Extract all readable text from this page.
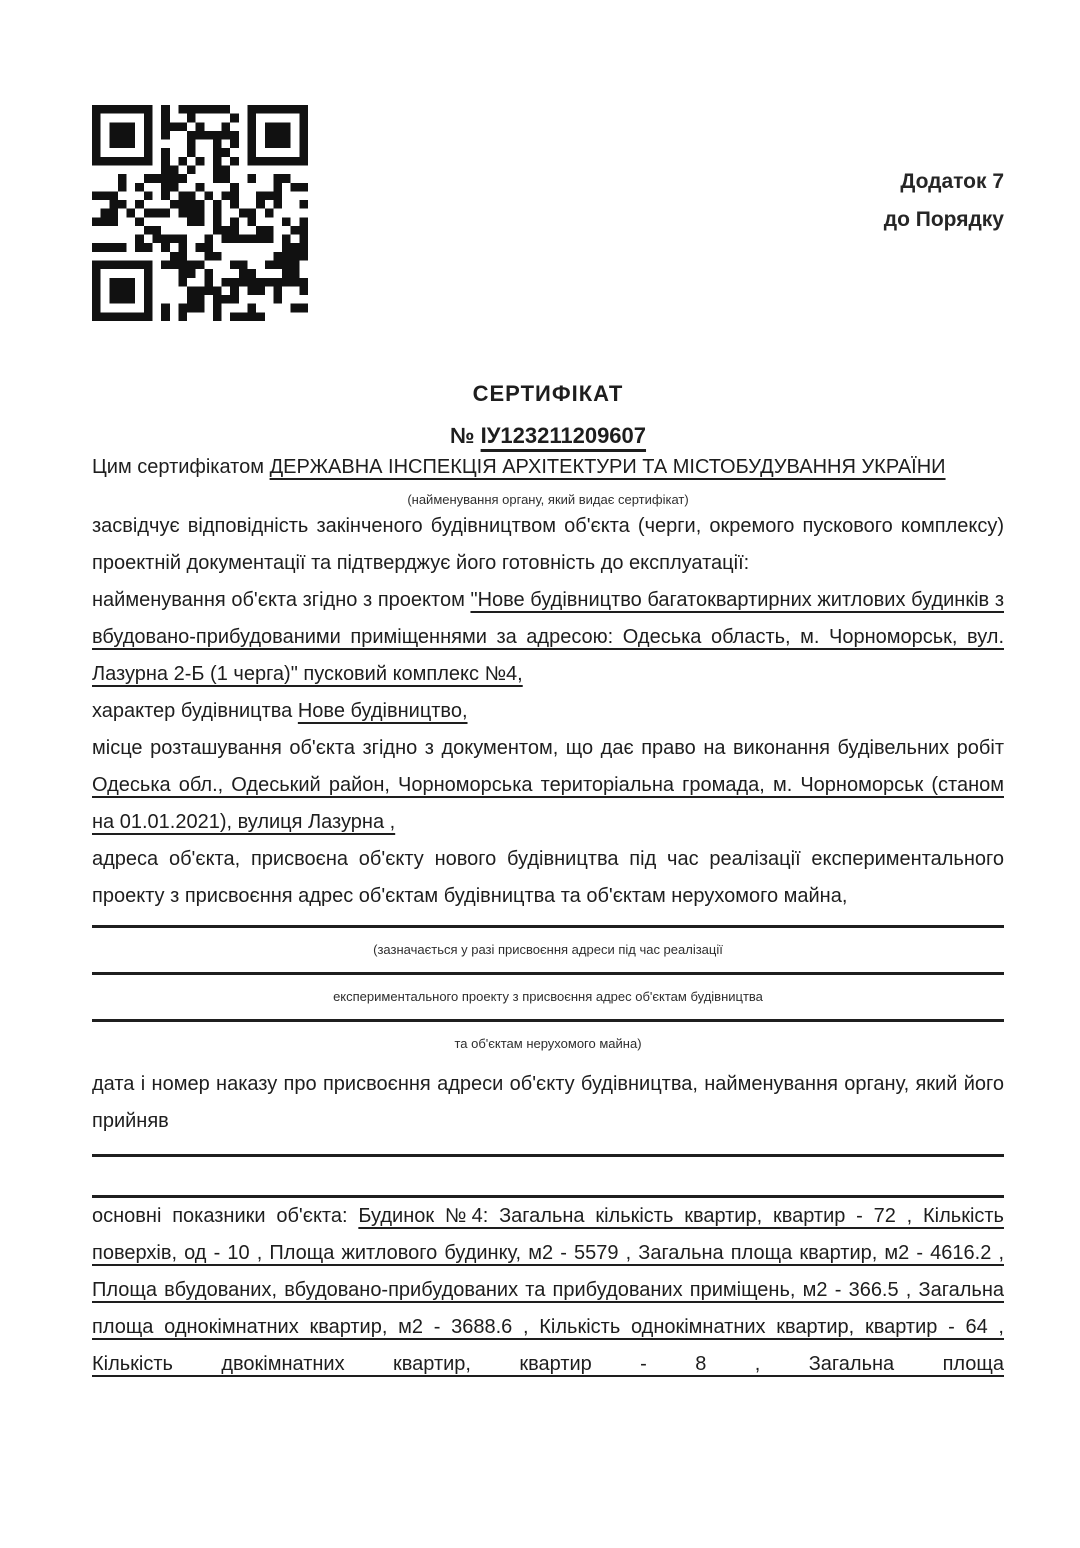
Додаток 7
до Порядку
СЕРТИФІКАТ
№ ІУ123211209607

Цим сертифікатом ДЕРЖАВНА ІНСПЕКЦІЯ АРХІТЕКТУРИ ТА МІСТОБУДУВАННЯ УКРАЇНИ

(найменування органу, який видає сертифікат)

засвідчує відповідність закінченого будівництвом об'єкта (черги, окремого пускового комплексу) проектній документації та підтверджує його готовність до експлуатації:

найменування об'єкта згідно з проектом "Нове будівництво багатоквартирних житлових будинків з вбудовано-прибудованими приміщеннями за адресою: Одеська область, м. Чорноморськ, вул. Лазурна 2-Б (1 черга)" пусковий комплекс №4,

характер будівництва Нове будівництво,

місце розташування об'єкта згідно з документом, що дає право на виконання будівельних робіт Одеська обл., Одеський район, Чорноморська територіальна громада, м. Чорноморськ (станом на 01.01.2021), вулиця Лазурна ,

адреса об'єкта, присвоєна об'єкту нового будівництва під час реалізації експериментального проекту з присвоєння адрес об'єктам будівництва та об'єктам нерухомого майна,

(зазначається у разі присвоєння адреси під час реалізації
експериментального проекту з присвоєння адрес об'єктам будівництва
та об'єктам нерухомого майна)

дата і номер наказу про присвоєння адреси об'єкту будівництва, найменування органу, який його прийняв

основні показники об'єкта: Будинок №4: Загальна кількість квартир, квартир - 72 , Кількість поверхів, од - 10 , Площа житлового будинку, м2 - 5579 , Загальна площа квартир, м2 - 4616.2 , Площа вбудованих, вбудовано-прибудованих та прибудованих приміщень, м2 - 366.5 , Загальна площа однокімнатних квартир, м2 - 3688.6 , Кількість однокімнатних квартир, квартир - 64 , Кількість двокімнатних квартир, квартир - 8 , Загальна площа
